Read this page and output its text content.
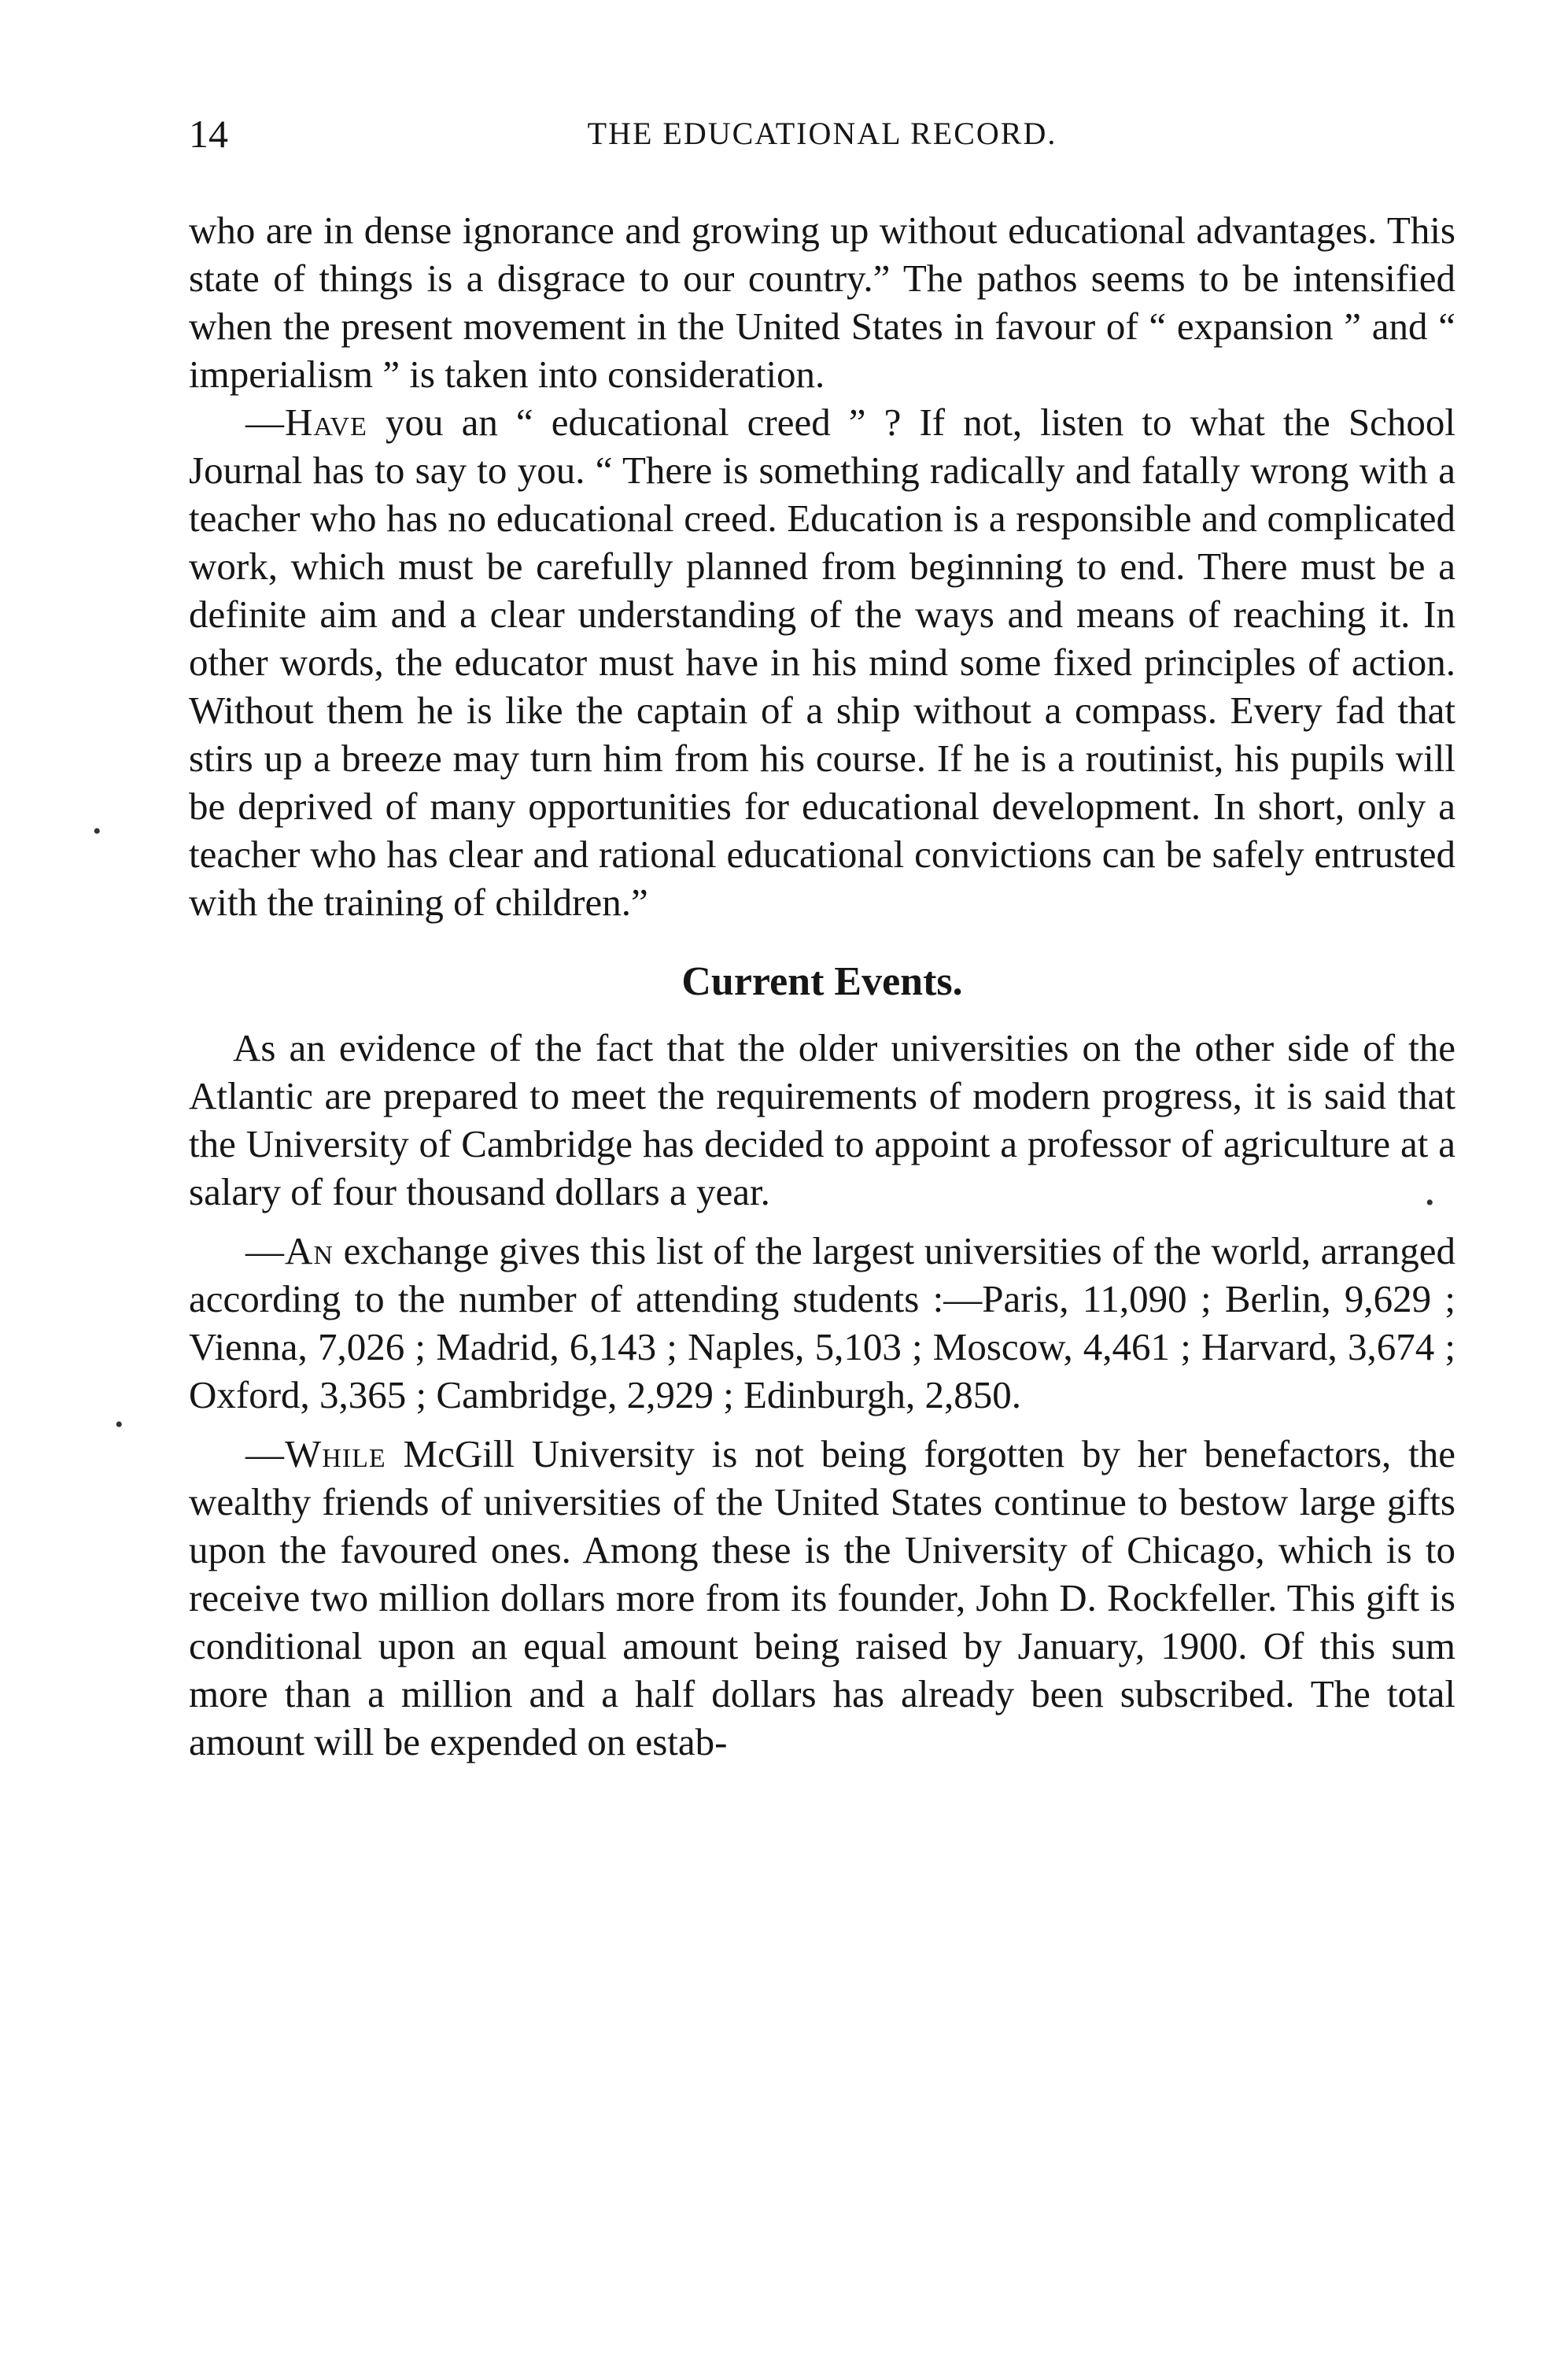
14	THE EDUCATIONAL RECORD.

who are in dense ignorance and growing up without educational advantages. This state of things is a disgrace to our country.” The pathos seems to be intensified when the present movement in the United States in favour of “ expansion ” and “ imperialism ” is taken into consideration.

—Have you an “ educational creed ” ? If not, listen to what the School Journal has to say to you. “ There is something radically and fatally wrong with a teacher who has no educational creed. Education is a responsible and complicated work, which must be carefully planned from beginning to end. There must be a definite aim and a clear understanding of the ways and means of reaching it. In other words, the educator must have in his mind some fixed principles of action. Without them he is like the captain of a ship without a compass. Every fad that stirs up a breeze may turn him from his course. If he is a routinist, his pupils will be deprived of many opportunities for educational development. In short, only a teacher who has clear and rational educational convictions can be safely entrusted with the training of children.”

Current Events.

As an evidence of the fact that the older universities on the other side of the Atlantic are prepared to meet the requirements of modern progress, it is said that the University of Cambridge has decided to appoint a professor of agriculture at a salary of four thousand dollars a year.

—An exchange gives this list of the largest universities of the world, arranged according to the number of attending students :—Paris, 11,090 ; Berlin, 9,629 ; Vienna, 7,026 ; Madrid, 6,143 ; Naples, 5,103 ; Moscow, 4,461 ; Harvard, 3,674 ; Oxford, 3,365 ; Cambridge, 2,929 ; Edinburgh, 2,850.

—While McGill University is not being forgotten by her benefactors, the wealthy friends of universities of the United States continue to bestow large gifts upon the favoured ones. Among these is the University of Chicago, which is to receive two million dollars more from its founder, John D. Rockfeller. This gift is conditional upon an equal amount being raised by January, 1900. Of this sum more than a million and a half dollars has already been subscribed. The total amount will be expended on estab-

•
•
•
